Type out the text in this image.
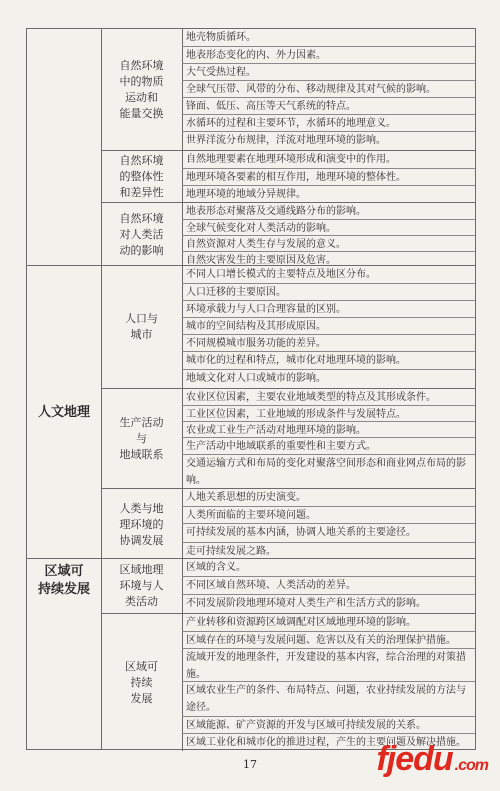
自然环境
中的物质
运动和
能量交换
地壳物质循环。
地表形态变化的内、外力因素。
大气受热过程。
全球气压带、风带的分布、移动规律及其对气候的影响。
锋面、低压、高压等天气系统的特点。
水循环的过程和主要环节，水循环的地理意义。
世界洋流分布规律，洋流对地理环境的影响。
自然环境
的整体性
和差异性
自然地理要素在地理环境形成和演变中的作用。
地理环境各要素的相互作用，地理环境的整体性。
地理环境的地域分异规律。
自然环境
对人类活
动的影响
地表形态对聚落及交通线路分布的影响。
全球气候变化对人类活动的影响。
自然资源对人类生存与发展的意义。
自然灾害发生的主要原因及危害。
人文地理
人口与
城市
不同人口增长模式的主要特点及地区分布。
人口迁移的主要原因。
环境承载力与人口合理容量的区别。
城市的空间结构及其形成原因。
不同规模城市服务功能的差异。
城市化的过程和特点，城市化对地理环境的影响。
地域文化对人口或城市的影响。
生产活动
与
地域联系
农业区位因素，主要农业地域类型的特点及其形成条件。
工业区位因素，工业地域的形成条件与发展特点。
农业或工业生产活动对地理环境的影响。
生产活动中地域联系的重要性和主要方式。
交通运输方式和布局的变化对聚落空间形态和商业网点布局的影响。
人类与地
理环境的
协调发展
人地关系思想的历史演变。
人类所面临的主要环境问题。
可持续发展的基本内涵，协调人地关系的主要途径。
走可持续发展之路。
区域可
持续发展
区域地理
环境与人
类活动
区域的含义。
不同区域自然环境、人类活动的差异。
不同发展阶段地理环境对人类生产和生活方式的影响。
区域可
持续
发展
产业转移和资源跨区域调配对区域地理环境的影响。
区域存在的环境与发展问题、危害以及有关的治理保护措施。
流域开发的地理条件，开发建设的基本内容，综合治理的对策措施。
区域农业生产的条件、布局特点、问题，农业持续发展的方法与途径。
区域能源、矿产资源的开发与区域可持续发展的关系。
区域工业化和城市化的推进过程，产生的主要问题及解决措施。
17	fjedu .com
